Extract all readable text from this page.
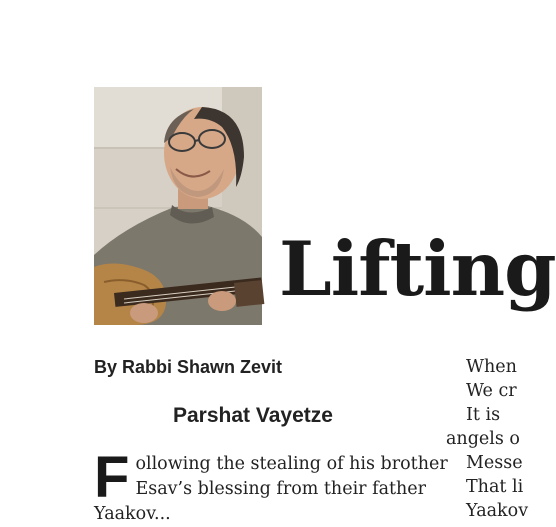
Lifting
By Rabbi Shawn Zevit
Parshat Vayetze
F ollowing the stealing of his brother
Esav’s blessing from their father
Yaakov...
When
We cr
It is
angels o
Messe
That li
Yaakov
